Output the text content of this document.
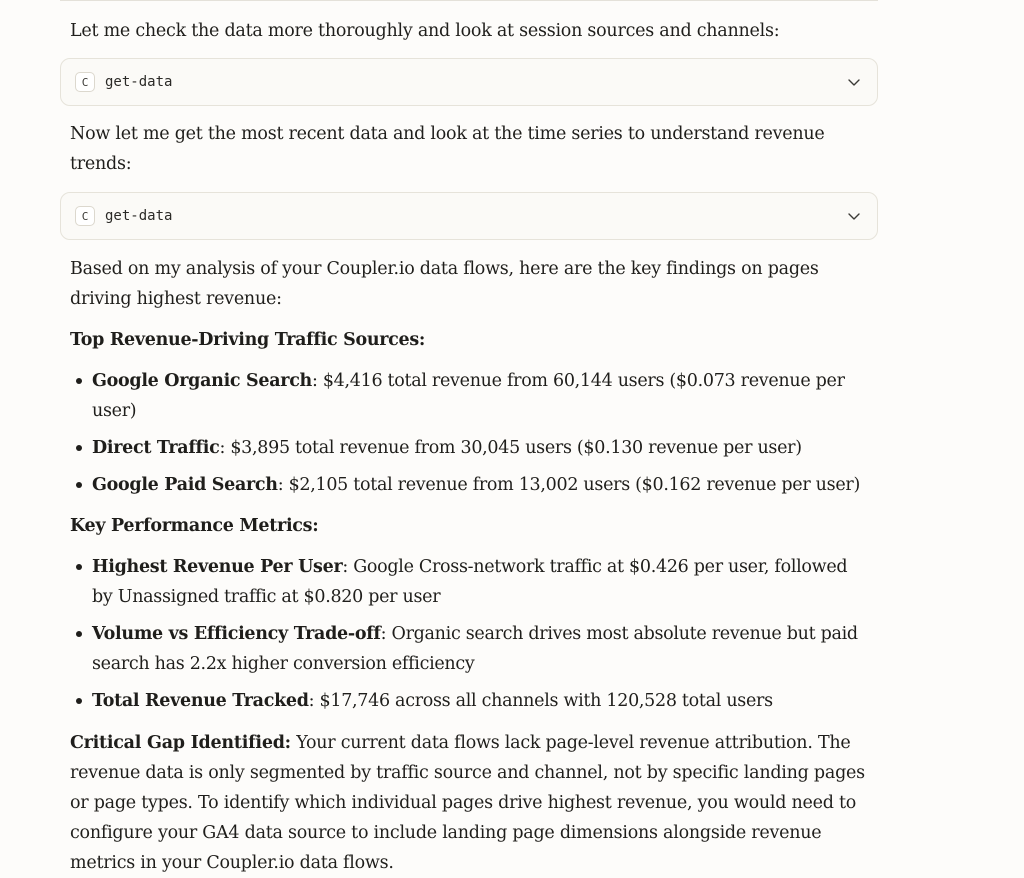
Let me check the data more thoroughly and look at session sources and channels:

C	get-data

Now let me get the most recent data and look at the time series to understand revenue trends:

C	get-data

Based on my analysis of your Coupler.io data flows, here are the key findings on pages driving highest revenue:

Top Revenue-Driving Traffic Sources:

Google Organic Search: $4,416 total revenue from 60,144 users ($0.073 revenue per user)
Direct Traffic: $3,895 total revenue from 30,045 users ($0.130 revenue per user)
Google Paid Search: $2,105 total revenue from 13,002 users ($0.162 revenue per user)

Key Performance Metrics:

Highest Revenue Per User: Google Cross-network traffic at $0.426 per user, followed by Unassigned traffic at $0.820 per user
Volume vs Efficiency Trade-off: Organic search drives most absolute revenue but paid search has 2.2x higher conversion efficiency
Total Revenue Tracked: $17,746 across all channels with 120,528 total users

Critical Gap Identified: Your current data flows lack page-level revenue attribution. The revenue data is only segmented by traffic source and channel, not by specific landing pages or page types. To identify which individual pages drive highest revenue, you would need to configure your GA4 data source to include landing page dimensions alongside revenue metrics in your Coupler.io data flows.
